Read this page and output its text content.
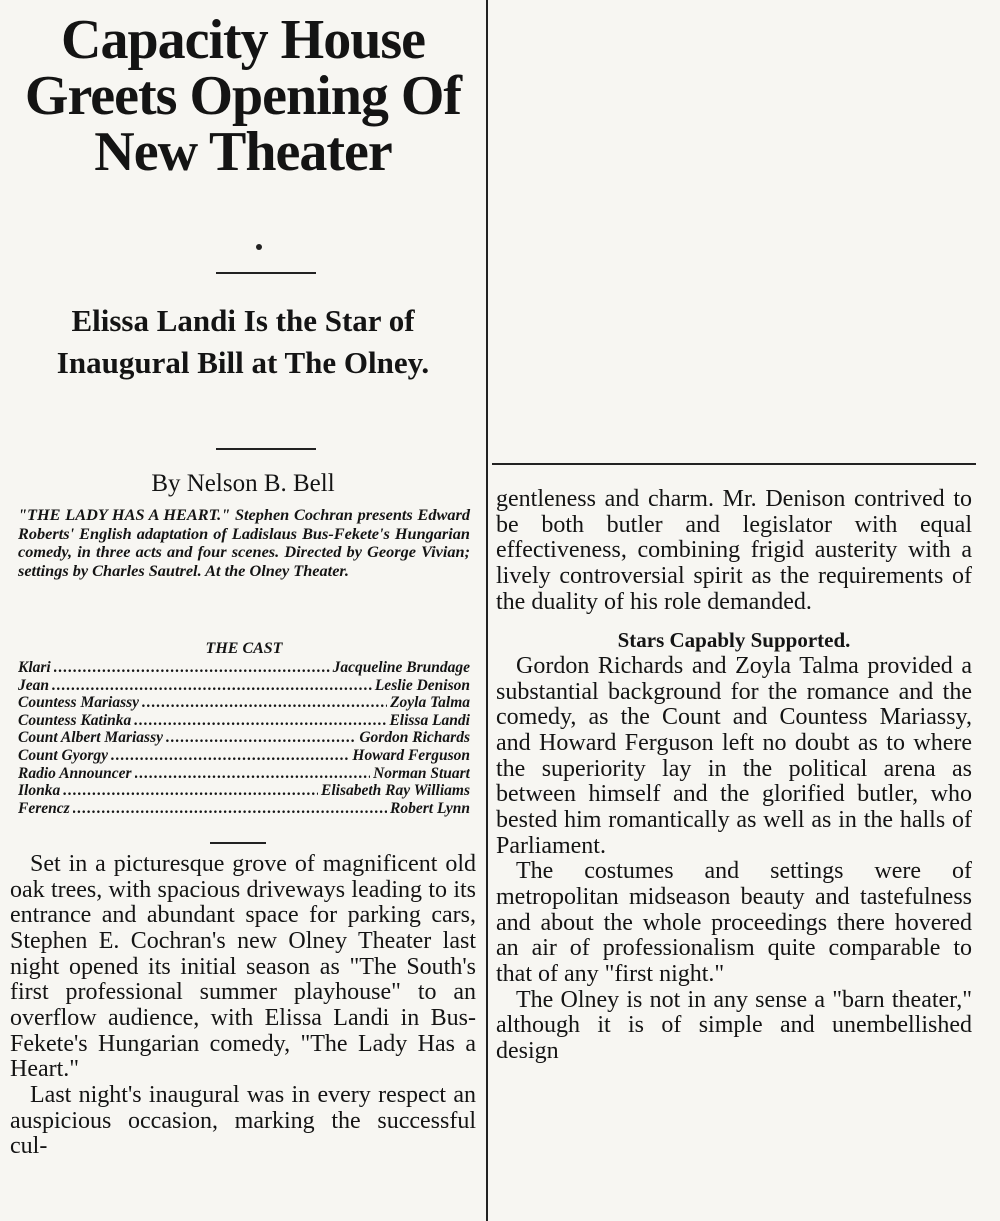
Capacity House Greets Opening Of New Theater
Elissa Landi Is the Star of Inaugural Bill at The Olney.

By Nelson B. Bell

"THE LADY HAS A HEART." Stephen Cochran presents Edward Roberts' English adaptation of Ladislaus Bus-Fekete's Hungarian comedy, in three acts and four scenes. Directed by George Vivian; settings by Charles Sautrel. At the Olney Theater.

THE CAST

Klari .....	Jacqueline Brundage
Jean .....	Leslie Denison
Countess Mariassy .....	Zoyla Talma
Countess Katinka .....	Elissa Landi
Count Albert Mariassy .....	Gordon Richards
Count Gyorgy .....	Howard Ferguson
Radio Announcer .....	Norman Stuart
Ilonka .....	Elisabeth Ray Williams
Ferencz .....	Robert Lynn

Set in a picturesque grove of magnificent old oak trees, with spacious driveways leading to its entrance and abundant space for parking cars, Stephen E. Cochran's new Olney Theater last night opened its initial season as "The South's first professional summer playhouse" to an overflow audience, with Elissa Landi in Bus-Fekete's Hungarian comedy, "The Lady Has a Heart."

Last night's inaugural was in every respect an auspicious occasion, marking the successful cul-

gentleness and charm. Mr. Denison contrived to be both butler and legislator with equal effectiveness, combining frigid austerity with a lively controversial spirit as the requirements of the duality of his role demanded.

Stars Capably Supported.

Gordon Richards and Zoyla Talma provided a substantial background for the romance and the comedy, as the Count and Countess Mariassy, and Howard Ferguson left no doubt as to where the superiority lay in the political arena as between himself and the glorified butler, who bested him romantically as well as in the halls of Parliament.

The costumes and settings were of metropolitan midseason beauty and tastefulness and about the whole proceedings there hovered an air of professionalism quite comparable to that of any "first night."

The Olney is not in any sense a "barn theater," although it is of simple and unembellished design
